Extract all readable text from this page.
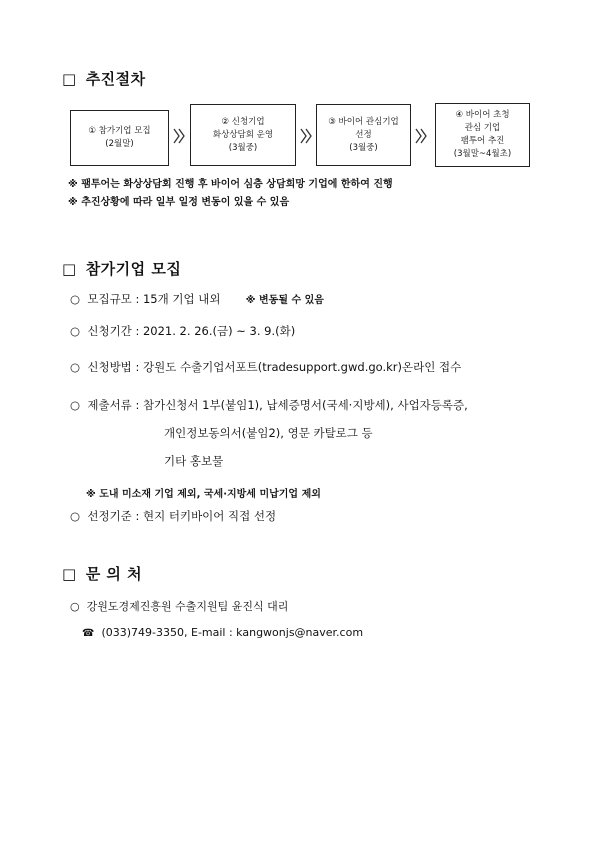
□ 추진절차
① 참가기업 모집
(2월말)
② 신청기업
화상상담회 운영
(3월중)
③ 바이어 관심기업
선정
(3월중)
④ 바이어 초청
관심 기업
팸투어 추진
(3월말~4월초)
※ 팸투어는 화상상담회 진행 후 바이어 심층 상담희망 기업에 한하여 진행
※ 추진상황에 따라 일부 일정 변동이 있을 수 있음
□ 참가기업 모집
○ 모집규모 : 15개 기업 내외	※ 변동될 수 있음
○ 신청기간 : 2021. 2. 26.(금) ~ 3. 9.(화)
○ 신청방법 : 강원도 수출기업서포트(tradesupport.gwd.go.kr)온라인 접수
○ 제출서류 : 참가신청서 1부(붙임1), 납세증명서(국세·지방세), 사업자등록증,
개인정보동의서(붙임2), 영문 카탈로그 등
기타 홍보물
※ 도내 미소재 기업 제외, 국세·지방세 미납기업 제외
○ 선정기준 : 현지 터키바이어 직접 선정
□ 문 의 처
○ 강원도경제진흥원 수출지원팀 윤진식 대리
☎ (033)749-3350, E-mail : kangwonjs@naver.com
